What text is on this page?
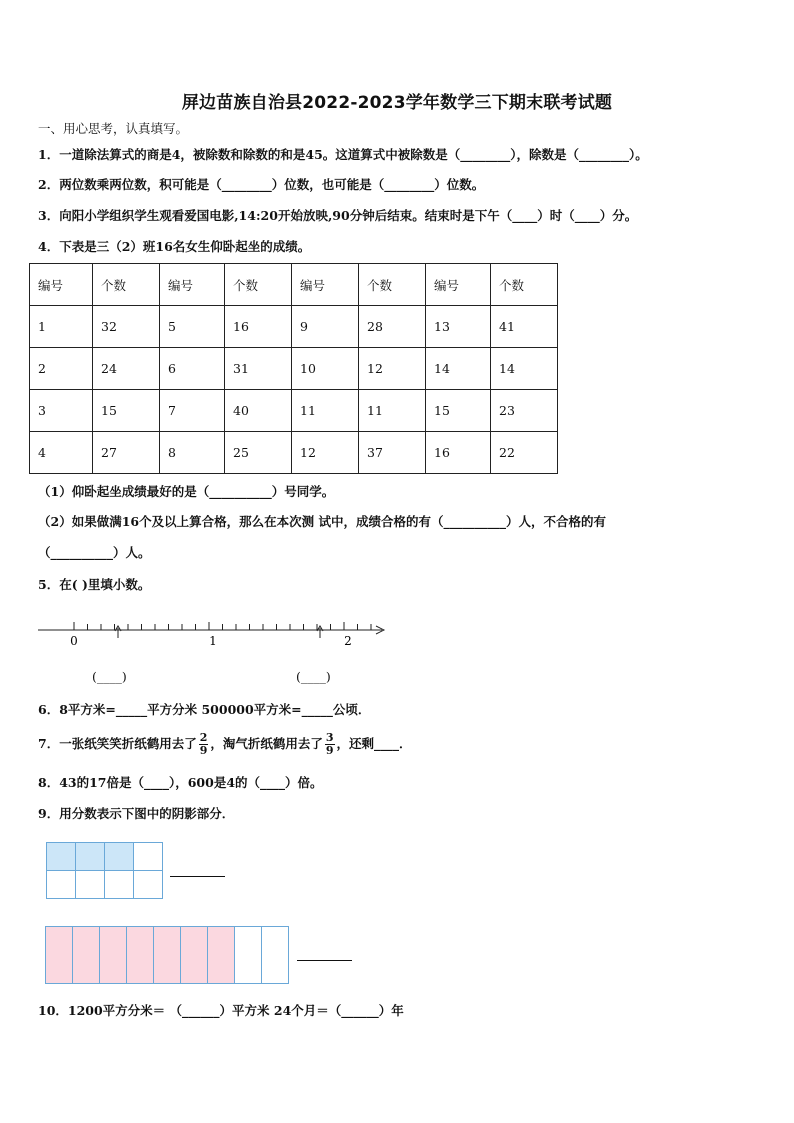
屏边苗族自治县2022-2023学年数学三下期末联考试题
一、用心思考，认真填写。
1．一道除法算式的商是4，被除数和除数的和是45。这道算式中被除数是（________），除数是（________）。
2．两位数乘两位数，积可能是（________）位数，也可能是（________）位数。
3．向阳小学组织学生观看爱国电影,14:20开始放映,90分钟后结束。结束时是下午（____）时（____）分。
4．下表是三（2）班16名女生仰卧起坐的成绩。
编号	个数	编号	个数	编号	个数	编号	个数
1	32	5	16	9	28	13	41
2	24	6	31	10	12	14	14
3	15	7	40	11	11	15	23
4	27	8	25	12	37	16	22
（1）仰卧起坐成绩最好的是（__________）号同学。
（2）如果做满16个及以上算合格，那么在本次测 试中，成绩合格的有（__________）人，不合格的有
（__________）人。
5．在( )里填小数。
0	1	2
(____)	(____)
6．8平方米=_____平方分米 500000平方米=_____公顷．
7．一张纸笑笑折纸鹤用去了 $\frac{2}{9}$ ，淘气折纸鹤用去了 $\frac{3}{9}$ ，还剩____．
8．43的17倍是（____），600是4的（____）倍。
9．用分数表示下图中的阴影部分．

10．1200平方分米＝ （______）平方米 24个月＝（______）年
